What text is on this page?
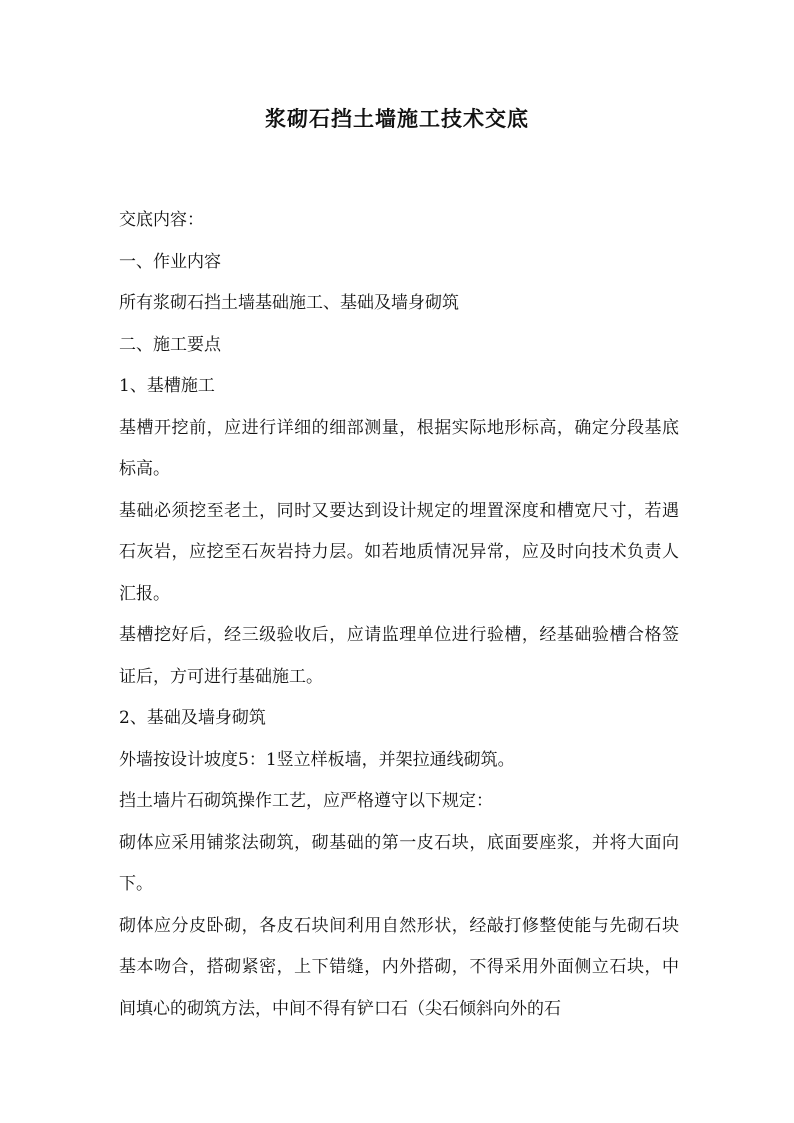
浆砌石挡土墙施工技术交底

交底内容：

一、作业内容

所有浆砌石挡土墙基础施工、基础及墙身砌筑

二、施工要点

1、基槽施工

基槽开挖前，应进行详细的细部测量，根据实际地形标高，确定分段基底标高。

基础必须挖至老土，同时又要达到设计规定的埋置深度和槽宽尺寸，若遇石灰岩，应挖至石灰岩持力层。如若地质情况异常，应及时向技术负责人汇报。

基槽挖好后，经三级验收后，应请监理单位进行验槽，经基础验槽合格签证后，方可进行基础施工。

2、基础及墙身砌筑

外墙按设计坡度5：1竖立样板墙，并架拉通线砌筑。

挡土墙片石砌筑操作工艺，应严格遵守以下规定：

砌体应采用铺浆法砌筑，砌基础的第一皮石块，底面要座浆，并将大面向下。

砌体应分皮卧砌，各皮石块间利用自然形状，经敲打修整使能与先砌石块基本吻合，搭砌紧密，上下错缝，内外搭砌，不得采用外面侧立石块，中间填心的砌筑方法，中间不得有铲口石（尖石倾斜向外的石
